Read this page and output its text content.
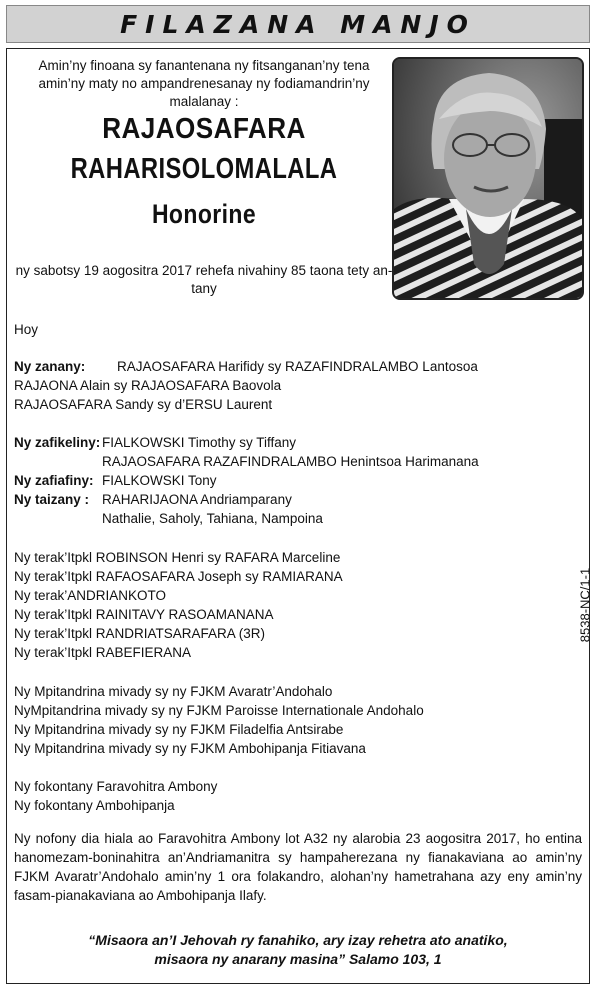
FILAZANA MANJO
Amin’ny finoana sy fanantenana ny fitsanganan’ny tena amin’ny maty no ampandrenesanay ny fodiamandrin’ny malalanay :
RAJAOSAFARA
RAHARISOLOMALALA
Honorine
ny sabotsy 19 aogositra 2017 rehefa nivahiny 85 taona tety an-tany
Hoy
Ny zanany: RAJAOSAFARA Harifidy sy RAZAFINDRALAMBO Lantosoa
RAJAONA Alain sy RAJAOSAFARA Baovola
RAJAOSAFARA Sandy sy d’ERSU Laurent
Ny zafikeliny: FIALKOWSKI Timothy sy Tiffany
RAJAOSAFARA RAZAFINDRALAMBO Henintsoa Harimanana
Ny zafiafiny: FIALKOWSKI Tony
Ny taizany : RAHARIJAONA Andriamparany
Nathalie, Saholy, Tahiana, Nampoina
Ny terak’Itpkl ROBINSON Henri sy RAFARA Marceline
Ny terak’Itpkl RAFAOSAFARA Joseph sy RAMIARANA
Ny terak’ANDRIANKOTO
Ny terak’Itpkl RAINITAVY RASOAMANANA
Ny terak’Itpkl RANDRIATSARAFARA (3R)
Ny terak’Itpkl RABEFIERANA
Ny Mpitandrina mivady sy ny FJKM Avaratr’Andohalo
NyMpitandrina mivady sy ny FJKM Paroisse Internationale Andohalo
Ny Mpitandrina mivady sy ny FJKM Filadelfia Antsirabe
Ny Mpitandrina mivady sy ny FJKM Ambohipanja Fitiavana
Ny fokontany Faravohitra Ambony
Ny fokontany Ambohipanja
Ny nofony dia hiala ao Faravohitra Ambony lot A32 ny alarobia 23 aogositra 2017, ho entina hanomezam-boninahitra an’Andriamanitra sy hampaherezana ny fianakaviana ao amin’ny FJKM Avaratr’Andohalo amin’ny 1 ora folakandro, alohan’ny hametrahana azy eny amin’ny fasam-pianakaviana ao Ambohipanja Ilafy.
“Misaora an’I Jehovah ry fanahiko, ary izay rehetra ato anatiko,
misaora ny anarany masina” Salamo 103, 1
8538-NC/1-1
